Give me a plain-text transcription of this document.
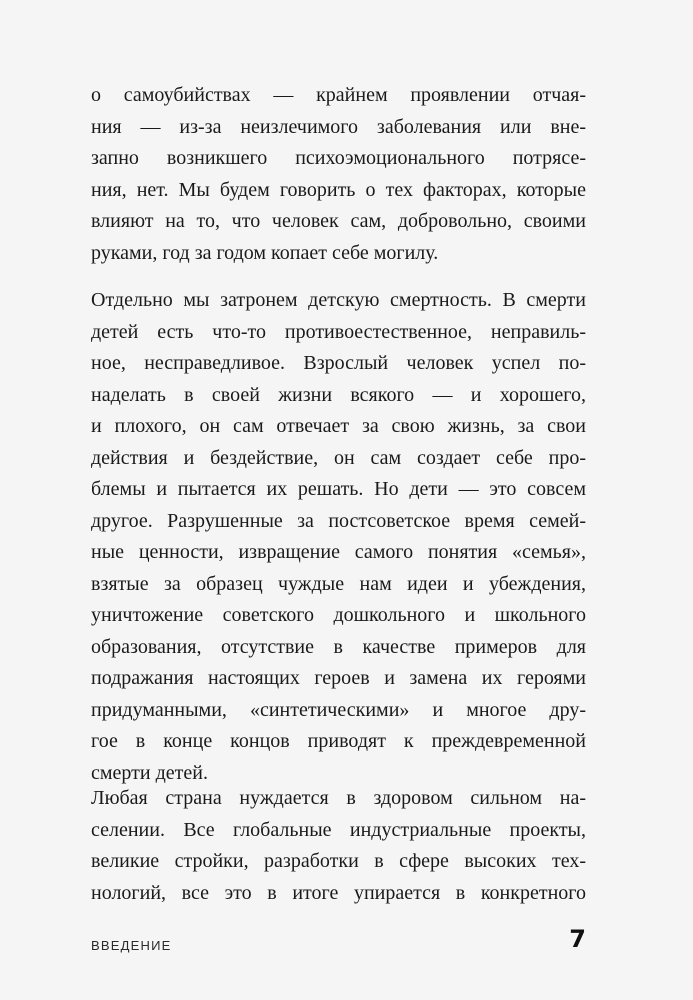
о самоубийствах — крайнем проявлении отчая-
ния — из-за неизлечимого заболевания или вне-
запно возникшего психоэмоционального потрясе-
ния, нет. Мы будем говорить о тех факторах, которые
влияют на то, что человек сам, добровольно, своими
руками, год за годом копает себе могилу.
Отдельно мы затронем детскую смертность. В смерти
детей есть что-то противоестественное, неправиль-
ное, несправедливое. Взрослый человек успел по-
наделать в своей жизни всякого — и хорошего,
и плохого, он сам отвечает за свою жизнь, за свои
действия и бездействие, он сам создает себе про-
блемы и пытается их решать. Но дети — это совсем
другое. Разрушенные за постсоветское время семей-
ные ценности, извращение самого понятия «семья»,
взятые за образец чуждые нам идеи и убеждения,
уничтожение советского дошкольного и школьного
образования, отсутствие в качестве примеров для
подражания настоящих героев и замена их героями
придуманными, «синтетическими» и многое дру-
гое в конце концов приводят к преждевременной
смерти детей.
Любая страна нуждается в здоровом сильном на-
селении. Все глобальные индустриальные проекты,
великие стройки, разработки в сфере высоких тех-
нологий, все это в итоге упирается в конкретного
ВВЕДЕНИЕ	7
